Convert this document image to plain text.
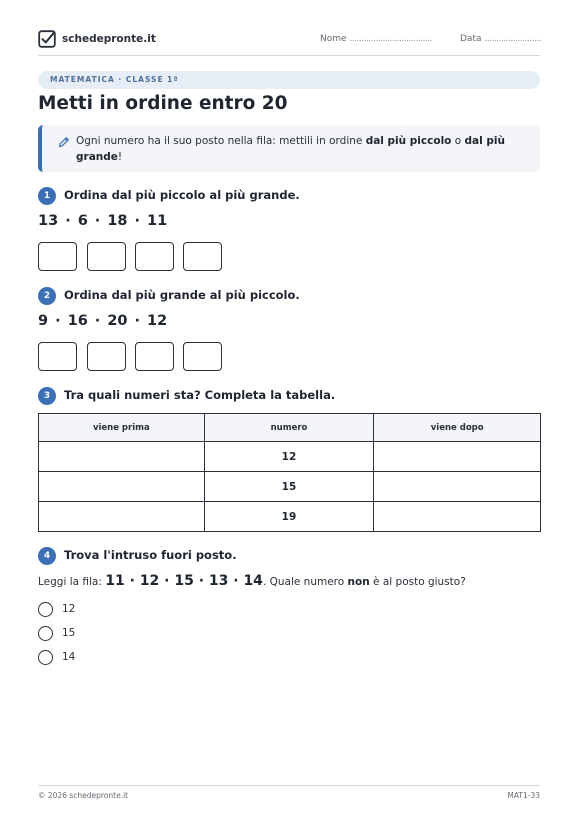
schedepronte.it	Nome ...................................	Data ........................
MATEMATICA · CLASSE 1ª
Metti in ordine entro 20
Ogni numero ha il suo posto nella fila: mettili in ordine dal più piccolo o dal più grande!
1	Ordina dal più piccolo al più grande.
13 · 6 · 18 · 11
2	Ordina dal più grande al più piccolo.
9 · 16 · 20 · 12
3	Tra quali numeri sta? Completa la tabella.
viene prima	numero	viene dopo
	12	
	15	
	19	
4	Trova l'intruso fuori posto.
Leggi la fila: 11 · 12 · 15 · 13 · 14. Quale numero non è al posto giusto?
12
15
14
© 2026 schedepronte.it	MAT1-33
